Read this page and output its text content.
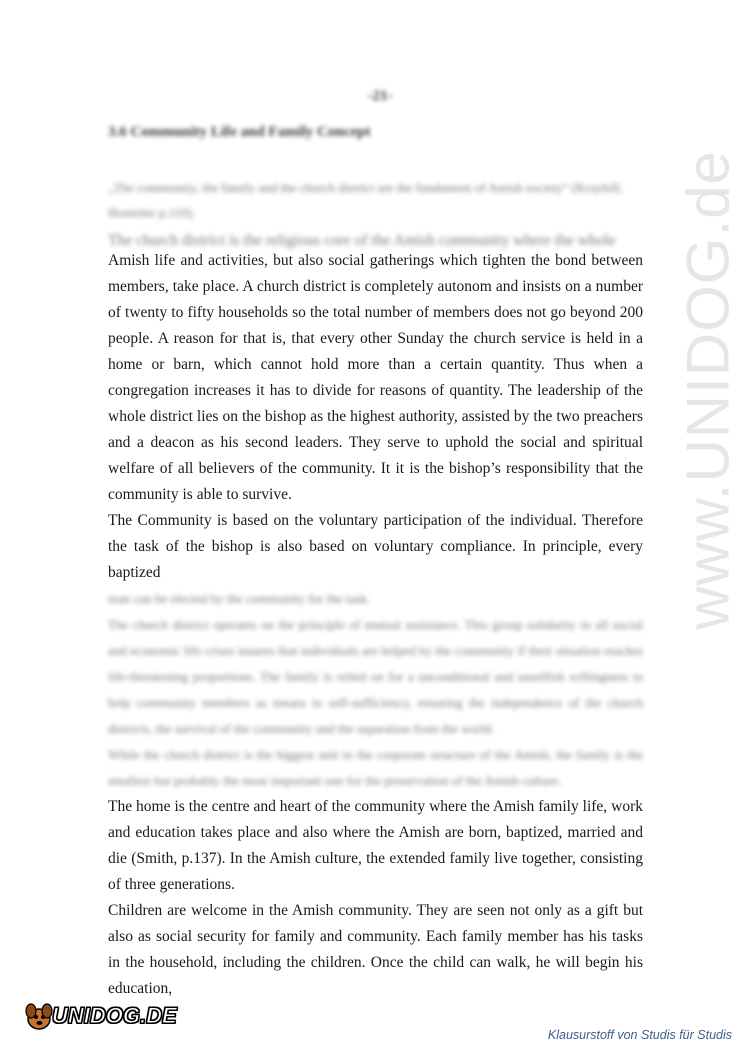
-21-
3.6 Community Life and Family Concept
„The community, the family and the church district are the fundament of Amish society“ (Kraybill, Hostetler p.110).
The church district is the religious core of the Amish community where the whole
Amish life and activities, but also social gatherings which tighten the bond between members, take place. A church district is completely autonom and insists on a number of twenty to fifty households so the total number of members does not go beyond 200 people. A reason for that is, that every other Sunday the church service is held in a home or barn, which cannot hold more than a certain quantity. Thus when a congregation increases it has to divide for reasons of quantity. The leadership of the whole district lies on the bishop as the highest authority, assisted by the two preachers and a deacon as his second leaders. They serve to uphold the social and spiritual welfare of all believers of the community. It it is the bishop’s responsibility that the community is able to survive.
The Community is based on the voluntary participation of the individual. Therefore the task of the bishop is also based on voluntary compliance. In principle, every baptized
man can be elected by the community for the task.
The church district operates on the principle of mutual assistance. This group solidarity in all social and economic life crises insures that individuals are helped by the community if their situation reaches life-threatening proportions. The family is relied on for a unconditional and unselfish willingness to help community members as means to self-sufficiency, ensuring the independence of the church districts, the survival of the community and the separation from the world.
While the church district is the biggest unit in the corporate structure of the Amish, the family is the smallest but probably the most important one for the preservation of the Amish culture.
The home is the centre and heart of the community where the Amish family life, work and education takes place and also where the Amish are born, baptized, married and die (Smith, p.137). In the Amish culture, the extended family live together, consisting of three generations.
Children are welcome in the Amish community. They are seen not only as a gift but also as social security for family and community. Each family member has his tasks in the household, including the children. Once the child can walk, he will begin his education,
www.UNIDOG.de
UNIDOG.DE
Klausurstoff von Studis für Studis
